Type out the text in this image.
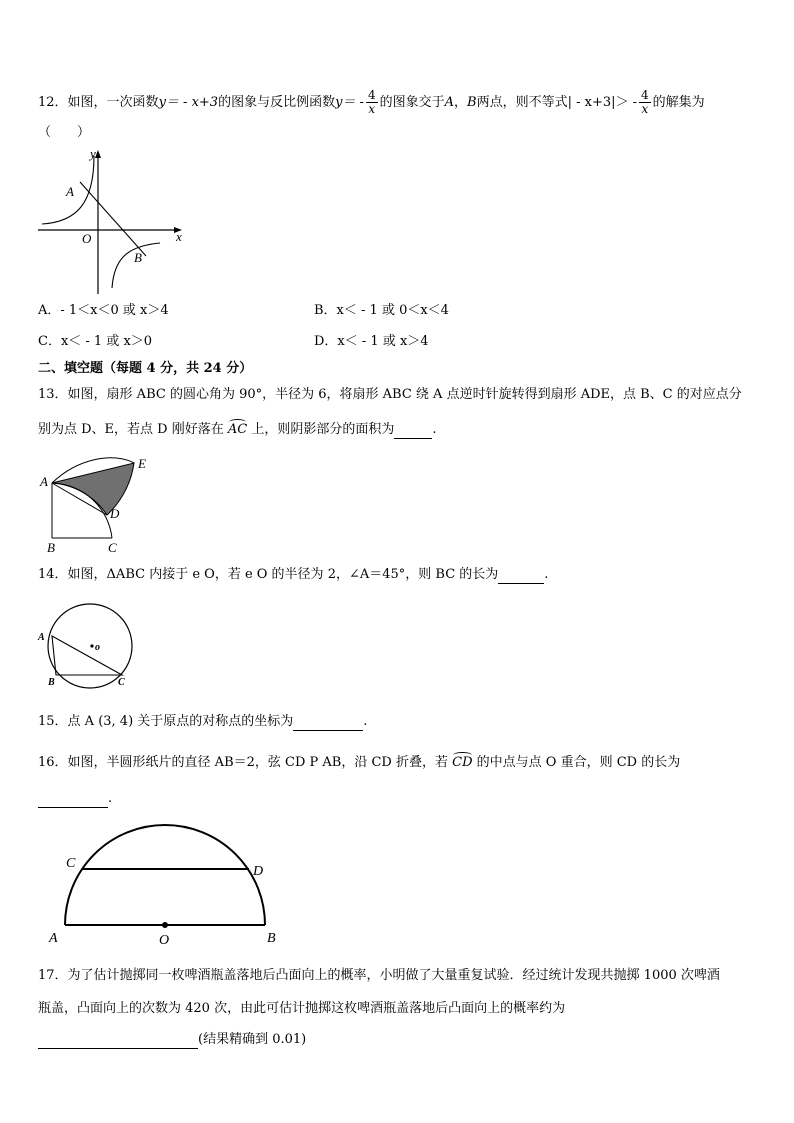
12．如图，一次函数y＝ - x+3的图象与反比例函数$y= - \frac{4}{x}$ 的图象交于A，B两点，则不等式| - $x+3|> - \frac{4}{x}$ 的解集为
（　　）
y
x
O
A
B
A．- 1＜x＜0 或 x＞4	B．x＜ - 1 或 0＜x＜4
C．x＜ - 1 或 x＞0	D．x＜ - 1 或 x＞4
二、填空题（每题 4 分，共 24 分）
13．如图，扇形 ABC 的圆心角为 90°，半径为 6，将扇形 ABC 绕 A 点逆时针旋转得到扇形 ADE，点 B、C 的对应点分
别为点 D、E，若点 D 刚好落在 AC 上，则阴影部分的面积为	.
A
B	C
D
E
14．如图，ΔABC 内接于 e O，若 e O 的半径为 2，∠A＝45°，则 BC 的长为	.
o
A
B	C
15．点 A (3, 4) 关于原点的对称点的坐标为	.
16．如图，半圆形纸片的直径 AB＝2，弦 CD P AB，沿 CD 折叠，若 CD 的中点与点 O 重合，则 CD 的长为
.
A	O	B
C
D
17．为了估计抛掷同一枚啤酒瓶盖落地后凸面向上的概率，小明做了大量重复试验．经过统计发现共抛掷 1000 次啤酒
瓶盖，凸面向上的次数为 420 次，由此可估计抛掷这枚啤酒瓶盖落地后凸面向上的概率约为
(结果精确到 0.01)
